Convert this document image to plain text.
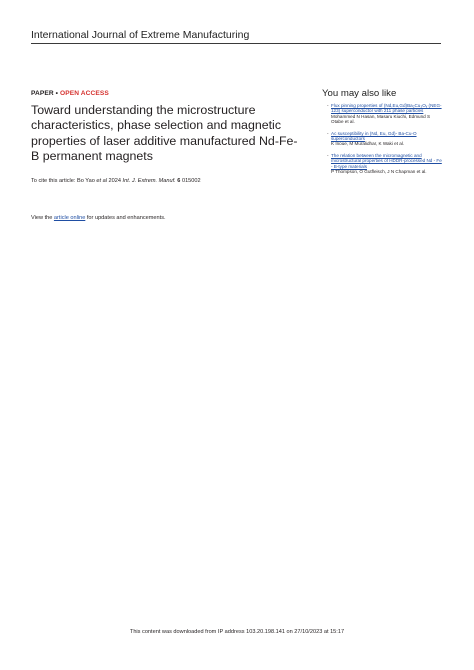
International Journal of Extreme Manufacturing
PAPER • OPEN ACCESS
Toward understanding the microstructure characteristics, phase selection and magnetic properties of laser additive manufactured Nd-Fe-B permanent magnets
To cite this article: Bo Yao et al 2024 Int. J. Extrem. Manuf. 6 015002
View the article online for updates and enhancements.
You may also like
- Flux pinning properties of (Nd,Eu,Gd)Ba₂Cu₃Oᵧ (NEG-123) superconductor with 211 phase particles
Mohammed N Hasan, Masaru Kiuchi, Edmund S Otabe et al.
- Ac susceptibility in (Nd, Eu, Gd)- Ba-Cu-O superconductors
K Inoue, M Muralidhar, K Waki et al.
- The relation between the micromagnetic and microstructural properties of HDDR-processed Nd - Fe - B-type materials
P Thompson, O Gutfleisch, J N Chapman et al.
This content was downloaded from IP address 103.20.198.141 on 27/10/2023 at 15:17
